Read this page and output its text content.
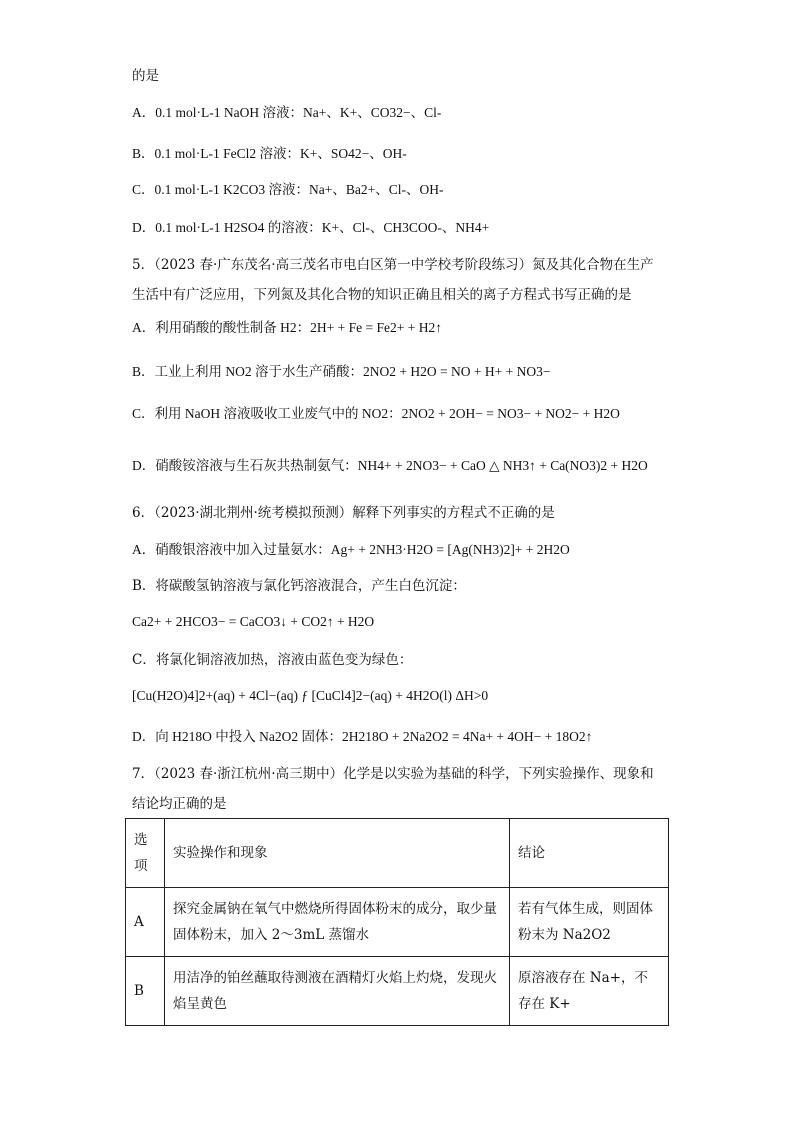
的是
A．0.1 mol·L-1 NaOH 溶液：Na+、K+、CO32−、Cl-
B．0.1 mol·L-1 FeCl2 溶液：K+、SO42−、OH-
C．0.1 mol·L-1 K2CO3 溶液：Na+、Ba2+、Cl-、OH-
D．0.1 mol·L-1 H2SO4 的溶液：K+、Cl-、CH3COO-、NH4+
5．（2023 春·广东茂名·高三茂名市电白区第一中学校考阶段练习）氮及其化合物在生产
生活中有广泛应用，下列氮及其化合物的知识正确且相关的离子方程式书写正确的是
A．利用硝酸的酸性制备 H2：2H+ + Fe = Fe2+ + H2↑
B．工业上利用 NO2 溶于水生产硝酸：2NO2 + H2O = NO + H+ + NO3−
C．利用 NaOH 溶液吸收工业废气中的 NO2：2NO2 + 2OH− = NO3− + NO2− + H2O
D．硝酸铵溶液与生石灰共热制氨气：NH4+ + 2NO3− + CaO △ NH3↑ + Ca(NO3)2 + H2O
6．（2023·湖北荆州·统考模拟预测）解释下列事实的方程式不正确的是
A．硝酸银溶液中加入过量氨水：Ag+ + 2NH3·H2O = [Ag(NH3)2]+ + 2H2O
B．将碳酸氢钠溶液与氯化钙溶液混合，产生白色沉淀：
Ca2+ + 2HCO3− = CaCO3↓ + CO2↑ + H2O
C．将氯化铜溶液加热，溶液由蓝色变为绿色：
[Cu(H2O)4]2+(aq) + 4Cl−(aq) ƒ [CuCl4]2−(aq) + 4H2O(l) ΔH>0
D．向 H218O 中投入 Na2O2 固体：2H218O + 2Na2O2 = 4Na+ + 4OH− + 18O2↑
7．（2023 春·浙江杭州·高三期中）化学是以实验为基础的科学，下列实验操作、现象和
结论均正确的是
选项	实验操作和现象	结论
A	探究金属钠在氧气中燃烧所得固体粉末的成分，取少量固体粉末，加入 2～3mL 蒸馏水	若有气体生成，则固体粉末为 Na2O2
B	用洁净的铂丝蘸取待测液在酒精灯火焰上灼烧，发现火焰呈黄色	原溶液存在 Na+，不存在 K+
